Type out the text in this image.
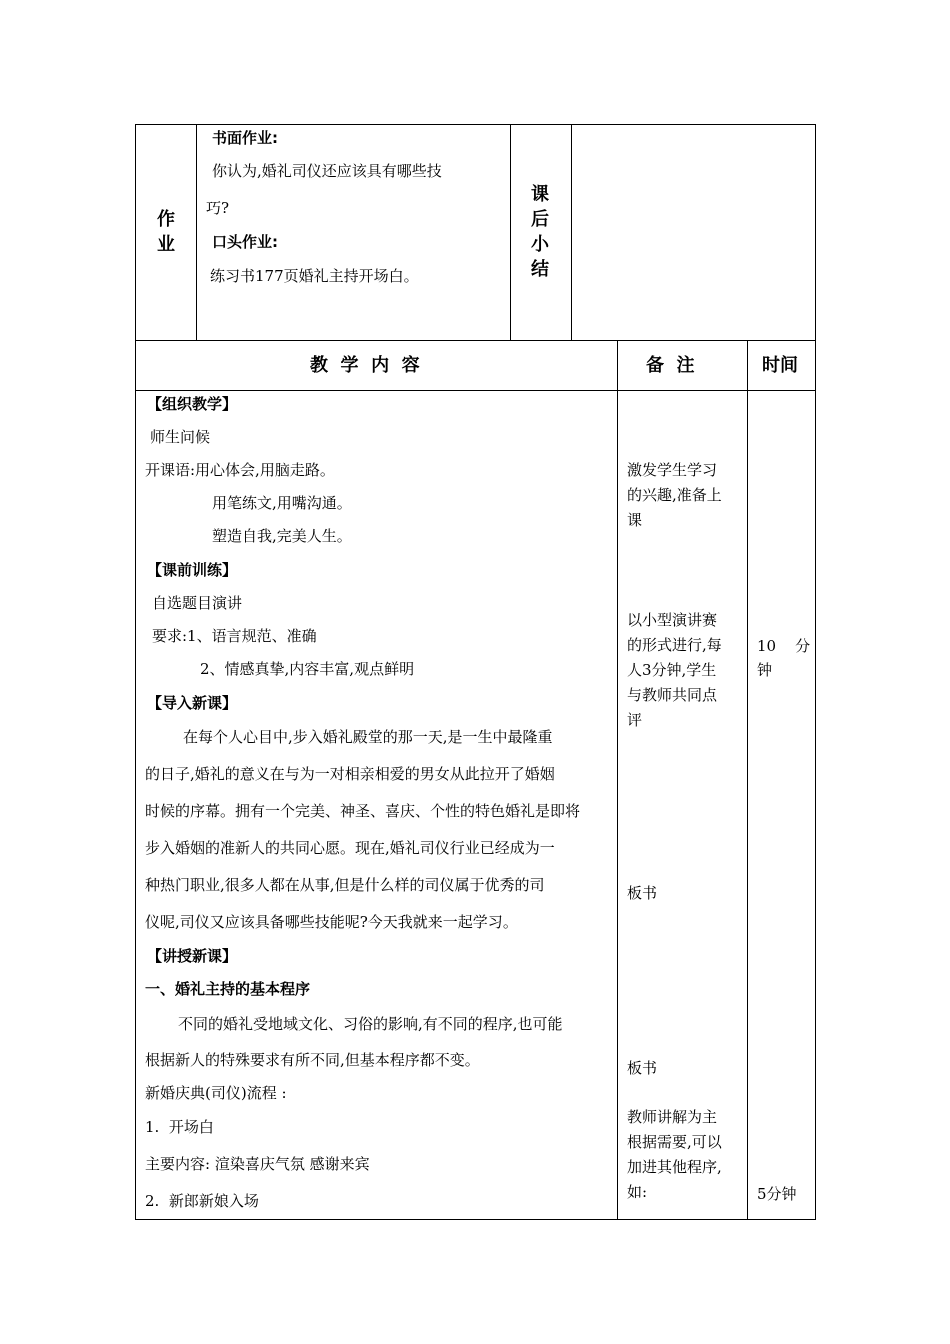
作业
书面作业:
你认为,婚礼司仪还应该具有哪些技
巧?
口头作业:
练习书177页婚礼主持开场白。
课后小结
教  学  内  容	备  注	时间
【组织教学】
师生问候
开课语:用心体会,用脑走路。
用笔练文,用嘴沟通。
塑造自我,完美人生。
【课前训练】
自选题目演讲
要求:1、语言规范、准确
2、情感真挚,内容丰富,观点鲜明
【导入新课】
在每个人心目中,步入婚礼殿堂的那一天,是一生中最隆重
的日子,婚礼的意义在与为一对相亲相爱的男女从此拉开了婚姻
时候的序幕。拥有一个完美、神圣、喜庆、个性的特色婚礼是即将
步入婚姻的准新人的共同心愿。现在,婚礼司仪行业已经成为一
种热门职业,很多人都在从事,但是什么样的司仪属于优秀的司
仪呢,司仪又应该具备哪些技能呢?今天我就来一起学习。
【讲授新课】
一、婚礼主持的基本程序
不同的婚礼受地域文化、习俗的影响,有不同的程序,也可能
根据新人的特殊要求有所不同,但基本程序都不变。
新婚庆典(司仪)流程 :
1.  开场白
主要内容: 渲染喜庆气氛 感谢来宾
2.  新郎新娘入场
激发学生学习
的兴趣,准备上
课
以小型演讲赛
的形式进行,每
人3分钟,学生
与教师共同点
评
板书
板书
教师讲解为主
根据需要,可以
加进其他程序,
如:
10    分
钟
5分钟
